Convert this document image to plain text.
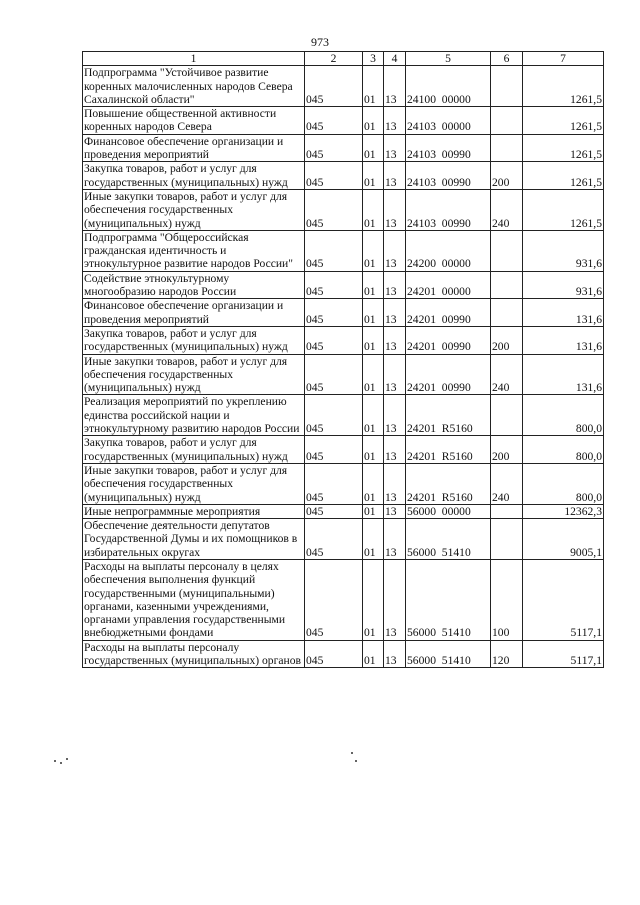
973
1	2	3	4	5	6	7
Подпрограмма "Устойчивое развитие коренных малочисленных народов Севера Сахалинской области"	045	01	13	24100  00000		1261,5
Повышение общественной активности коренных народов Севера	045	01	13	24103  00000		1261,5
Финансовое обеспечение организации и проведения мероприятий	045	01	13	24103  00990		1261,5
Закупка товаров, работ и услуг для государственных (муниципальных) нужд	045	01	13	24103  00990	200	1261,5
Иные закупки товаров, работ и услуг для обеспечения государственных (муниципальных) нужд	045	01	13	24103  00990	240	1261,5
Подпрограмма "Общероссийская гражданская идентичность и этнокультурное развитие народов России"	045	01	13	24200  00000		931,6
Содействие этнокультурному многообразию народов России	045	01	13	24201  00000		931,6
Финансовое обеспечение организации и проведения мероприятий	045	01	13	24201  00990		131,6
Закупка товаров, работ и услуг для государственных (муниципальных) нужд	045	01	13	24201  00990	200	131,6
Иные закупки товаров, работ и услуг для обеспечения государственных (муниципальных) нужд	045	01	13	24201  00990	240	131,6
Реализация мероприятий по укреплению единства российской нации и этнокультурному развитию народов России	045	01	13	24201  R5160		800,0
Закупка товаров, работ и услуг для государственных (муниципальных) нужд	045	01	13	24201  R5160	200	800,0
Иные закупки товаров, работ и услуг для обеспечения государственных (муниципальных) нужд	045	01	13	24201  R5160	240	800,0
Иные непрограммные мероприятия	045	01	13	56000  00000		12362,3
Обеспечение деятельности депутатов Государственной Думы и их помощников в избирательных округах	045	01	13	56000  51410		9005,1
Расходы на выплаты персоналу в целях обеспечения выполнения функций государственными (муниципальными) органами, казенными учреждениями, органами управления государственными внебюджетными фондами	045	01	13	56000  51410	100	5117,1
Расходы на выплаты персоналу государственных (муниципальных) органов	045	01	13	56000  51410	120	5117,1
